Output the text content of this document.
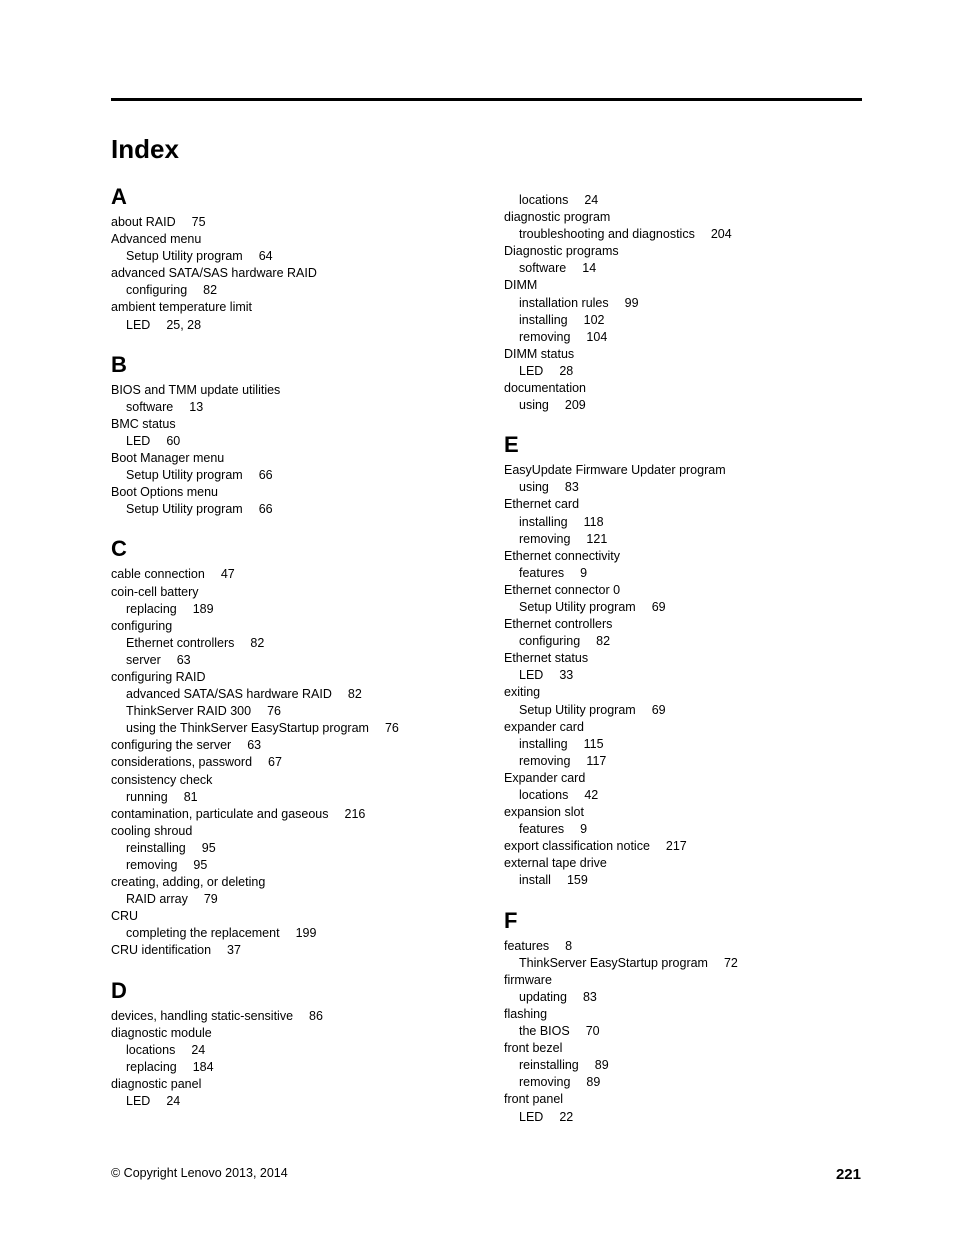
Index
A
about RAID 75
Advanced menu
Setup Utility program 64
advanced SATA/SAS hardware RAID
configuring 82
ambient temperature limit
LED 25, 28
B
BIOS and TMM update utilities
software 13
BMC status
LED 60
Boot Manager menu
Setup Utility program 66
Boot Options menu
Setup Utility program 66
C
cable connection 47
coin-cell battery
replacing 189
configuring
Ethernet controllers 82
server 63
configuring RAID
advanced SATA/SAS hardware RAID 82
ThinkServer RAID 300 76
using the ThinkServer EasyStartup program 76
configuring the server 63
considerations, password 67
consistency check
running 81
contamination, particulate and gaseous 216
cooling shroud
reinstalling 95
removing 95
creating, adding, or deleting
RAID array 79
CRU
completing the replacement 199
CRU identification 37
D
devices, handling static-sensitive 86
diagnostic module
locations 24
replacing 184
diagnostic panel
LED 24
locations 24
diagnostic program
troubleshooting and diagnostics 204
Diagnostic programs
software 14
DIMM
installation rules 99
installing 102
removing 104
DIMM status
LED 28
documentation
using 209
E
EasyUpdate Firmware Updater program
using 83
Ethernet card
installing 118
removing 121
Ethernet connectivity
features 9
Ethernet connector 0
Setup Utility program 69
Ethernet controllers
configuring 82
Ethernet status
LED 33
exiting
Setup Utility program 69
expander card
installing 115
removing 117
Expander card
locations 42
expansion slot
features 9
export classification notice 217
external tape drive
install 159
F
features 8
ThinkServer EasyStartup program 72
firmware
updating 83
flashing
the BIOS 70
front bezel
reinstalling 89
removing 89
front panel
LED 22
© Copyright Lenovo 2013, 2014	221
